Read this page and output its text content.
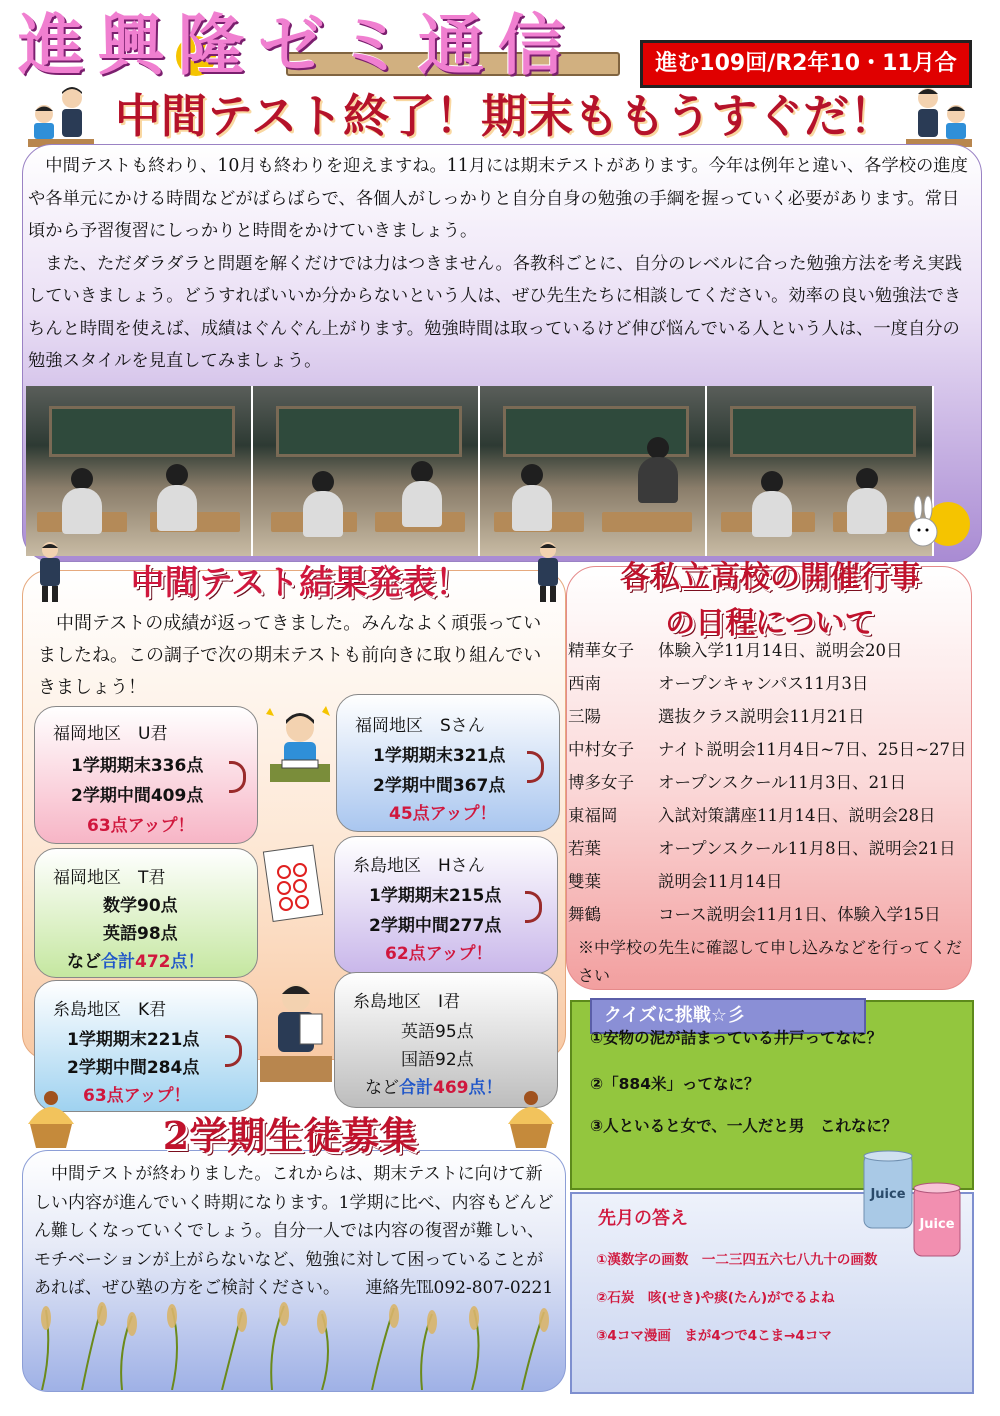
進興隆ゼミ通信	進む109回/R2年10・11月合
中間テスト終了！期末ももうすぐだ！

中間テストも終わり、10月も終わりを迎えますね。11月には期末テストがあります。今年は例年と違い、各学校の進度や各単元にかける時間などがばらばらで、各個人がしっかりと自分自身の勉強の手綱を握っていく必要があります。常日頃から予習復習にしっかりと時間をかけていきましょう。

また、ただダラダラと問題を解くだけでは力はつきません。各教科ごとに、自分のレベルに合った勉強方法を考え実践していきましょう。どうすればいいか分からないという人は、ぜひ先生たちに相談してください。効率の良い勉強法できちんと時間を使えば、成績はぐんぐん上がります。勉強時間は取っているけど伸び悩んでいる人という人は、一度自分の勉強スタイルを見直してみましょう。

中間テスト結果発表！

中間テストの成績が返ってきました。みんなよく頑張っていましたね。この調子で次の期末テストも前向きに取り組んでいきましょう！

福岡地区　U君
1学期期末336点
2学期中間409点
63点アップ！
福岡地区　Sさん
1学期期末321点
2学期中間367点
45点アップ！
福岡地区　T君
数学90点
英語98点
など合計472点！
糸島地区　Hさん
1学期期末215点
2学期中間277点
62点アップ！
糸島地区　K君
1学期期末221点
2学期中間284点
63点アップ！
糸島地区　I君
英語95点
国語92点
など合計469点！
各私立高校の開催行事
の日程について
精華女子 体験入学11月14日、説明会20日
西南	オープンキャンパス11月3日
三陽	選抜クラス説明会11月21日
中村女子 ナイト説明会11月4日~7日、25日~27日
博多女子 オープンスクール11月3日、21日
東福岡 入試対策講座11月14日、説明会28日
若葉	オープンスクール11月8日、説明会21日
雙葉	説明会11月14日
舞鶴	コース説明会11月1日、体験入学15日
※中学校の先生に確認して申し込みなどを行ってください
2学期生徒募集

中間テストが終わりました。これからは、期末テストに向けて新しい内容が進んでいく時期になります。1学期に比べ、内容もどんどん難しくなっていくでしょう。自分一人では内容の復習が難しい、モチベーションが上がらないなど、勉強に対して困っていることがあれば、ぜひ塾の方をご検討ください。　　連絡先℡092-807-0221

クイズに挑戦☆彡
①安物の泥が詰まっている井戸ってなに？
②「884米」ってなに？
③人といると女で、一人だと男　これなに？
先月の答え
①漢数字の画数　一二三四五六七八九十の画数
②石炭　咳(せき)や痰(たん)がでるよね
③4コマ漫画　まが4つで4こま→4コマ
Juice
Juice
